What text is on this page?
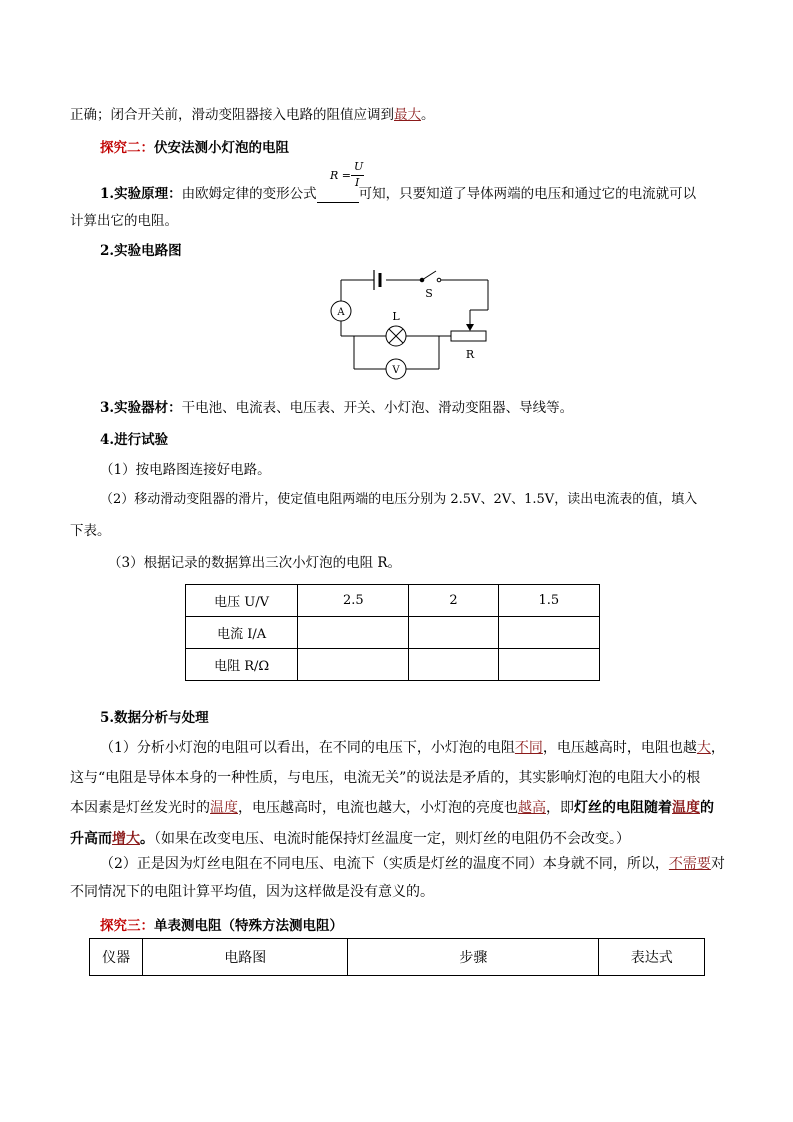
正确；闭合开关前，滑动变阻器接入电路的阻值应调到最大。
探究二：伏安法测小灯泡的电阻
1.实验原理：由欧姆定律的变形公式	可知，只要知道了导体两端的电压和通过它的电流就可以
R =
U
I
计算出它的电阻。
2.实验电路图
A	L
V
S
R
3.实验器材：干电池、电流表、电压表、开关、小灯泡、滑动变阻器、导线等。
4.进行试验
（1）按电路图连接好电路。
（2）移动滑动变阻器的滑片，使定值电阻两端的电压分别为 2.5V、2V、1.5V，读出电流表的值，填入
下表。
（3）根据记录的数据算出三次小灯泡的电阻 R。
电压 U/V	2.5	2	1.5
电流 I/A			
电阻 R/Ω			
5.数据分析与处理
（1）分析小灯泡的电阻可以看出，在不同的电压下，小灯泡的电阻不同，电压越高时，电阻也越大，
这与“电阻是导体本身的一种性质，与电压，电流无关”的说法是矛盾的，其实影响灯泡的电阻大小的根
本因素是灯丝发光时的温度，电压越高时，电流也越大，小灯泡的亮度也越高，即灯丝的电阻随着温度的
升高而增大。（如果在改变电压、电流时能保持灯丝温度一定，则灯丝的电阻仍不会改变。）
（2）正是因为灯丝电阻在不同电压、电流下（实质是灯丝的温度不同）本身就不同，所以，不需要对
不同情况下的电阻计算平均值，因为这样做是没有意义的。
探究三：单表测电阻（特殊方法测电阻）
仪器	电路图	步骤	表达式
